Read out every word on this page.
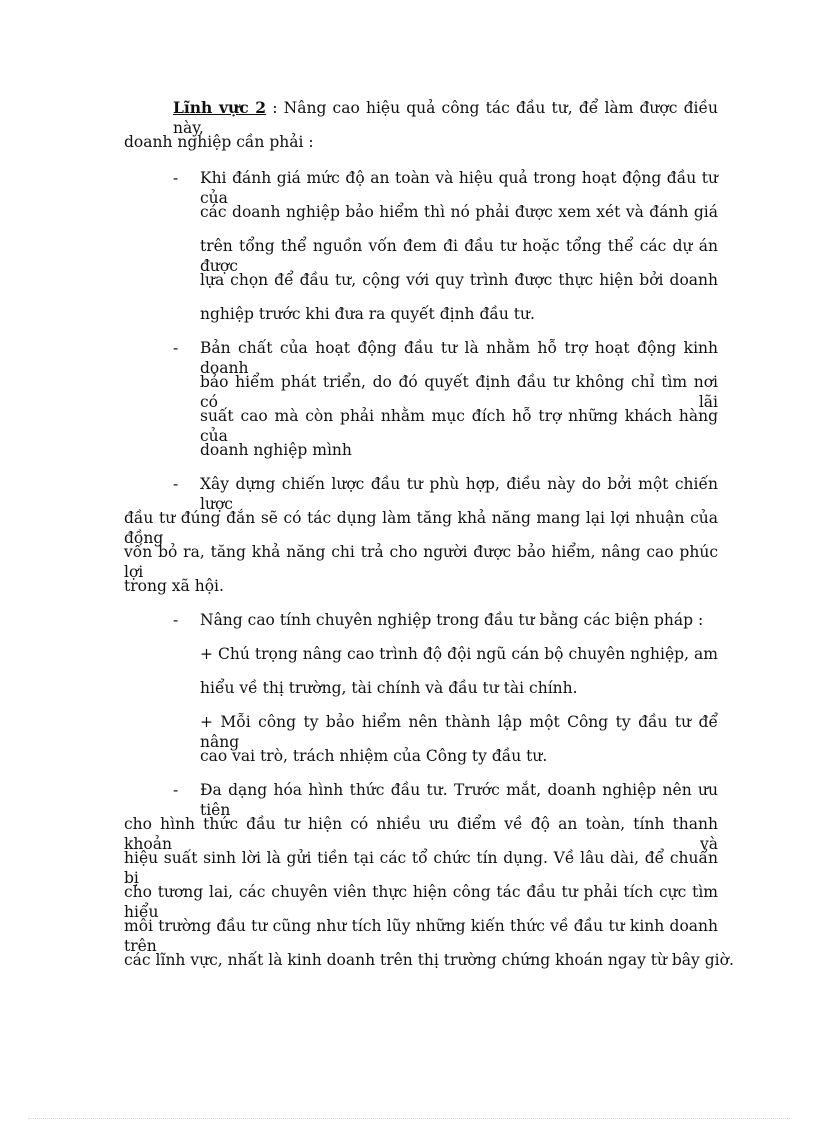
Lĩnh vực 2 : Nâng cao hiệu quả công tác đầu tư, để làm được điều này,
doanh nghiệp cần phải :
- Khi đánh giá mức độ an toàn và hiệu quả trong hoạt động đầu tư của
các doanh nghiệp bảo hiểm thì nó phải được xem xét và đánh giá
trên tổng thể nguồn vốn đem đi đầu tư hoặc tổng thể các dự án được
lựa chọn để đầu tư, cộng với quy trình được thực hiện bởi doanh
nghiệp trước khi đưa ra quyết định đầu tư.
- Bản chất của hoạt động đầu tư là nhằm hỗ trợ hoạt động kinh doanh
bảo hiểm phát triển, do đó quyết định đầu tư không chỉ tìm nơi có lãi
suất cao mà còn phải nhằm mục đích hỗ trợ những khách hàng của
doanh nghiệp mình
- Xây dựng chiến lược đầu tư phù hợp, điều này do bởi một chiến lược
đầu tư đúng đắn sẽ có tác dụng làm tăng khả năng mang lại lợi nhuận của đồng
vốn bỏ ra, tăng khả năng chi trả cho người được bảo hiểm, nâng cao phúc lợi
trong xã hội.
- Nâng cao tính chuyên nghiệp trong đầu tư bằng các biện pháp :
+ Chú trọng nâng cao trình độ đội ngũ cán bộ chuyên nghiệp, am
hiểu về thị trường, tài chính và đầu tư tài chính.
+ Mỗi công ty bảo hiểm nên thành lập một Công ty đầu tư để nâng
cao vai trò, trách nhiệm của Công ty đầu tư.
- Đa dạng hóa hình thức đầu tư. Trước mắt, doanh nghiệp nên ưu tiên
cho hình thức đầu tư hiện có nhiều ưu điểm về độ an toàn, tính thanh khoản và
hiệu suất sinh lời là gửi tiền tại các tổ chức tín dụng. Về lâu dài, để chuẩn bị
cho tương lai, các chuyên viên thực hiện công tác đầu tư phải tích cực tìm hiểu
môi trường đầu tư cũng như tích lũy những kiến thức về đầu tư kinh doanh trên
các lĩnh vực, nhất là kinh doanh trên thị trường chứng khoán ngay từ bây giờ.
